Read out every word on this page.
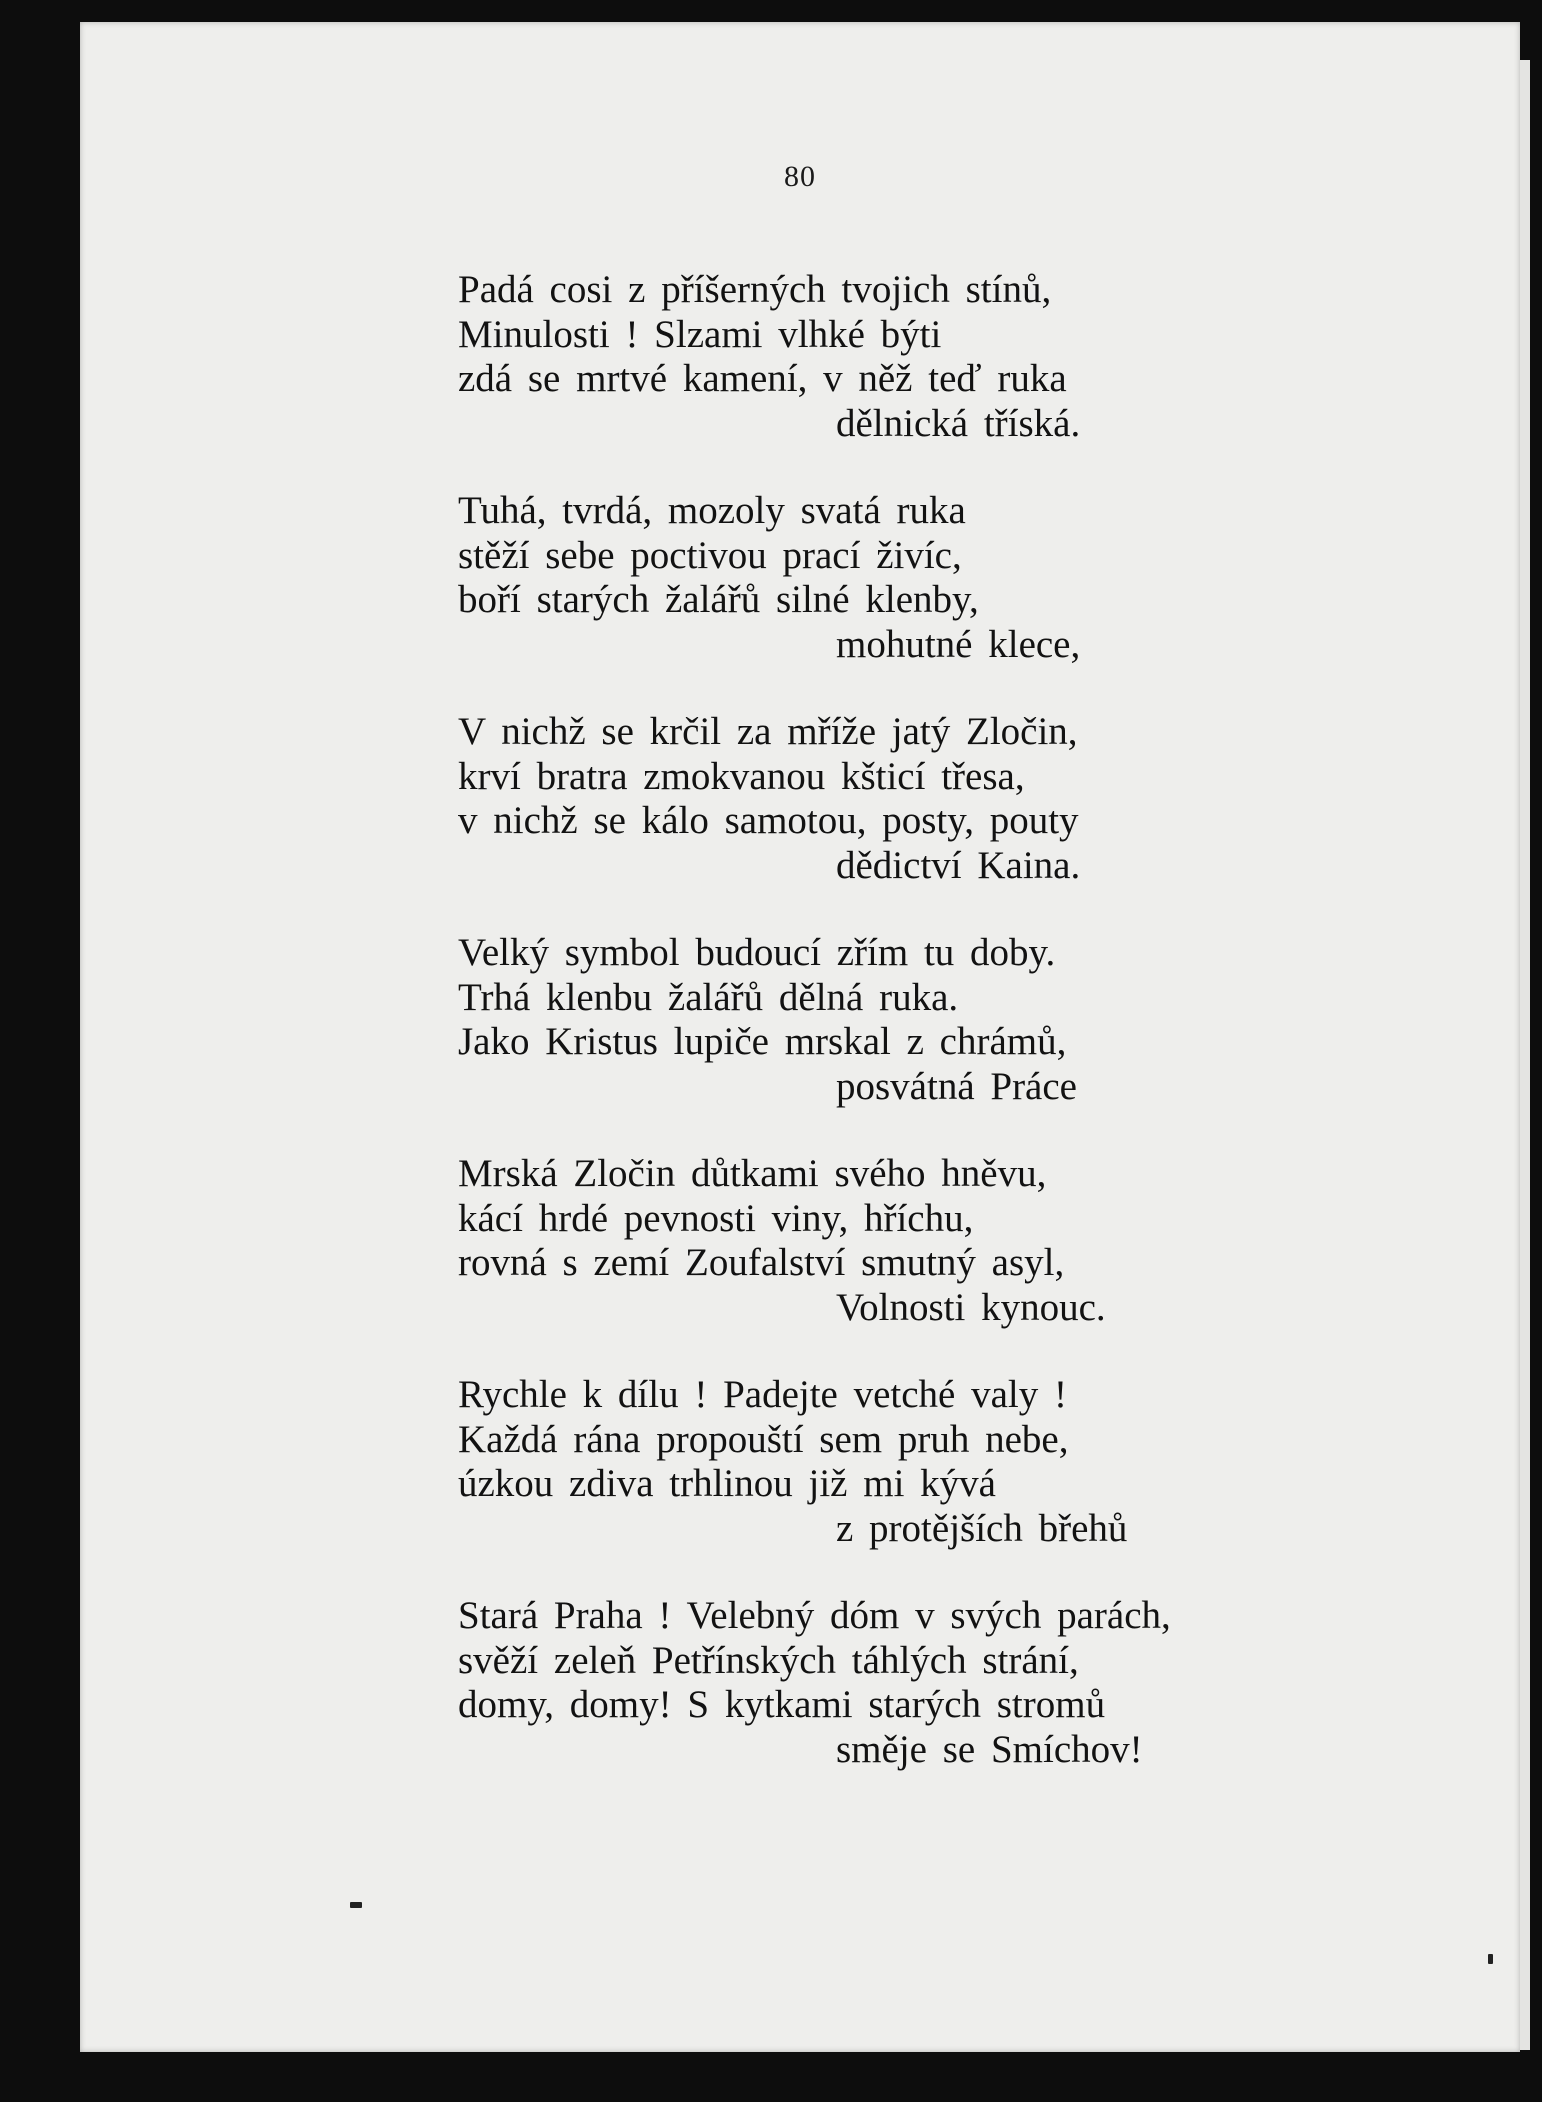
80
Padá cosi z příšerných tvojich stínů,
Minulosti ! Slzami vlhké býti
zdá se mrtvé kamení, v něž teď ruka
dělnická tříská.
Tuhá, tvrdá, mozoly svatá ruka
stěží sebe poctivou prací živíc,
boří starých žalářů silné klenby,
mohutné klece,
V nichž se krčil za mříže jatý Zločin,
krví bratra zmokvanou kšticí třesa,
v nichž se kálo samotou, posty, pouty
dědictví Kaina.
Velký symbol budoucí zřím tu doby.
Trhá klenbu žalářů dělná ruka.
Jako Kristus lupiče mrskal z chrámů,
posvátná Práce
Mrská Zločin důtkami svého hněvu,
kácí hrdé pevnosti viny, hříchu,
rovná s zemí Zoufalství smutný asyl,
Volnosti kynouc.
Rychle k dílu ! Padejte vetché valy !
Každá rána propouští sem pruh nebe,
úzkou zdiva trhlinou již mi kývá
z protějších břehů
Stará Praha ! Velebný dóm v svých parách,
svěží zeleň Petřínských táhlých strání,
domy, domy! S kytkami starých stromů
směje se Smíchov!
